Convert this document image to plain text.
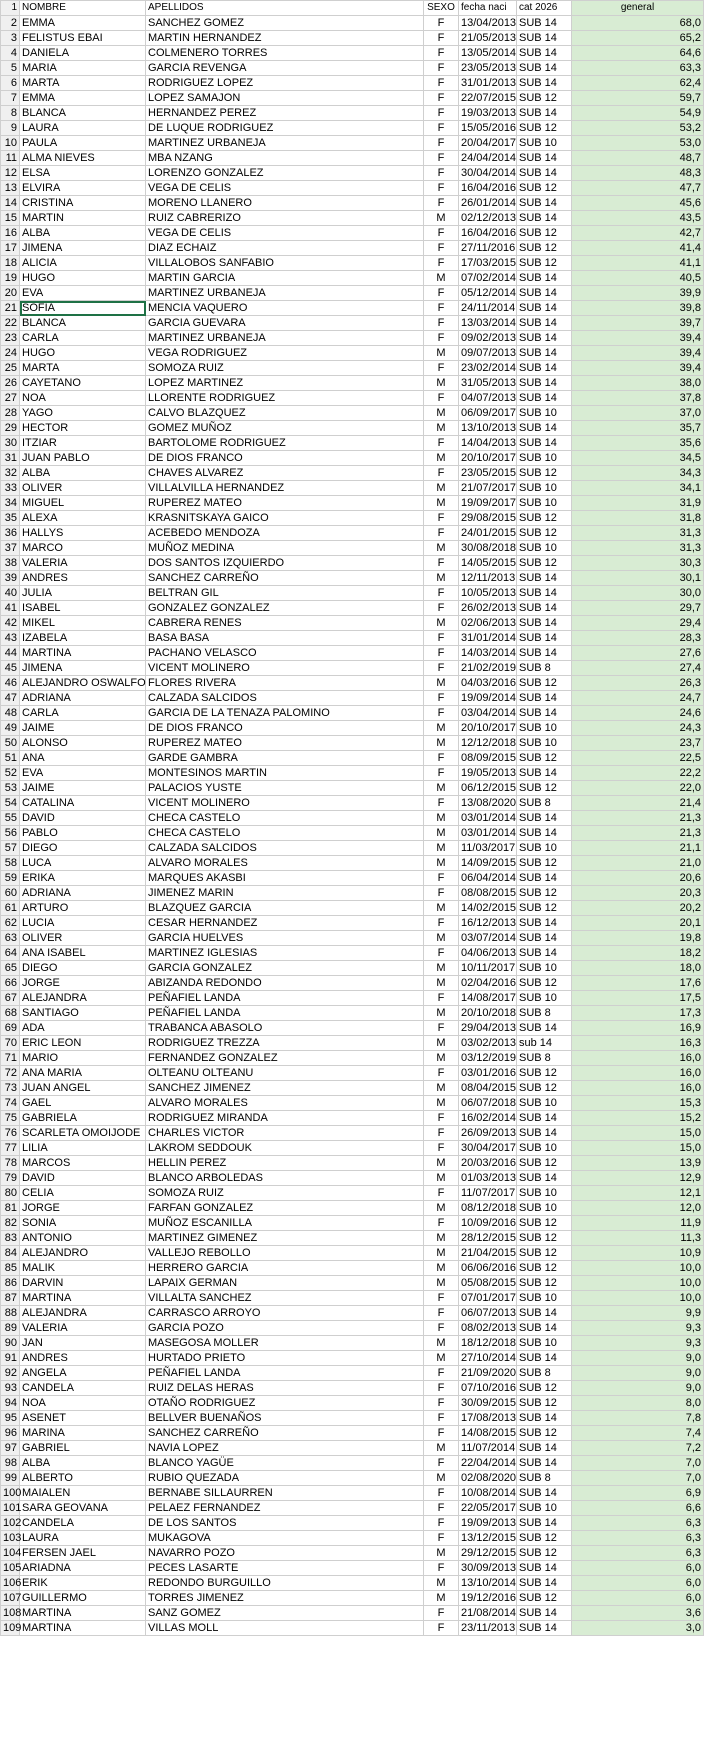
1	NOMBRE	APELLIDOS	SEXO	fecha naci	cat 2026	general
2	EMMA	SANCHEZ GOMEZ	F	13/04/2013	SUB 14	68,0
3	FELISTUS EBAI	MARTIN HERNANDEZ	F	21/05/2013	SUB 14	65,2
4	DANIELA	COLMENERO TORRES	F	13/05/2014	SUB 14	64,6
5	MARIA	GARCIA REVENGA	F	23/05/2013	SUB 14	63,3
6	MARTA	RODRIGUEZ LOPEZ	F	31/01/2013	SUB 14	62,4
7	EMMA	LOPEZ SAMAJON	F	22/07/2015	SUB 12	59,7
8	BLANCA	HERNANDEZ PEREZ	F	19/03/2013	SUB 14	54,9
9	LAURA	DE LUQUE RODRIGUEZ	F	15/05/2016	SUB 12	53,2
10	PAULA	MARTINEZ URBANEJA	F	20/04/2017	SUB 10	53,0
11	ALMA NIEVES	MBA NZANG	F	24/04/2014	SUB 14	48,7
12	ELSA	LORENZO GONZALEZ	F	30/04/2014	SUB 14	48,3
13	ELVIRA	VEGA DE CELIS	F	16/04/2016	SUB 12	47,7
14	CRISTINA	MORENO LLANERO	F	26/01/2014	SUB 14	45,6
15	MARTIN	RUIZ CABRERIZO	M	02/12/2013	SUB 14	43,5
16	ALBA	VEGA DE CELIS	F	16/04/2016	SUB 12	42,7
17	JIMENA	DIAZ ECHAIZ	F	27/11/2016	SUB 12	41,4
18	ALICIA	VILLALOBOS SANFABIO	F	17/03/2015	SUB 12	41,1
19	HUGO	MARTIN GARCIA	M	07/02/2014	SUB 14	40,5
20	EVA	MARTINEZ URBANEJA	F	05/12/2014	SUB 14	39,9
21	SOFIA	MENCIA VAQUERO	F	24/11/2014	SUB 14	39,8
22	BLANCA	GARCIA GUEVARA	F	13/03/2014	SUB 14	39,7
23	CARLA	MARTINEZ URBANEJA	F	09/02/2013	SUB 14	39,4
24	HUGO	VEGA RODRIGUEZ	M	09/07/2013	SUB 14	39,4
25	MARTA	SOMOZA RUIZ	F	23/02/2014	SUB 14	39,4
26	CAYETANO	LOPEZ MARTINEZ	M	31/05/2013	SUB 14	38,0
27	NOA	LLORENTE RODRIGUEZ	F	04/07/2013	SUB 14	37,8
28	YAGO	CALVO BLAZQUEZ	M	06/09/2017	SUB 10	37,0
29	HECTOR	GOMEZ MUÑOZ	M	13/10/2013	SUB 14	35,7
30	ITZIAR	BARTOLOME RODRIGUEZ	F	14/04/2013	SUB 14	35,6
31	JUAN PABLO	DE DIOS FRANCO	M	20/10/2017	SUB 10	34,5
32	ALBA	CHAVES ALVAREZ	F	23/05/2015	SUB 12	34,3
33	OLIVER	VILLALVILLA HERNANDEZ	M	21/07/2017	SUB 10	34,1
34	MIGUEL	RUPEREZ MATEO	M	19/09/2017	SUB 10	31,9
35	ALEXA	KRASNITSKAYA GAICO	F	29/08/2015	SUB 12	31,8
36	HALLYS	ACEBEDO MENDOZA	F	24/01/2015	SUB 12	31,3
37	MARCO	MUÑOZ MEDINA	M	30/08/2018	SUB 10	31,3
38	VALERIA	DOS SANTOS IZQUIERDO	F	14/05/2015	SUB 12	30,3
39	ANDRES	SANCHEZ CARREÑO	M	12/11/2013	SUB 14	30,1
40	JULIA	BELTRAN GIL	F	10/05/2013	SUB 14	30,0
41	ISABEL	GONZALEZ GONZALEZ	F	26/02/2013	SUB 14	29,7
42	MIKEL	CABRERA RENES	M	02/06/2013	SUB 14	29,4
43	IZABELA	BASA BASA	F	31/01/2014	SUB 14	28,3
44	MARTINA	PACHANO VELASCO	F	14/03/2014	SUB 14	27,6
45	JIMENA	VICENT MOLINERO	F	21/02/2019	SUB 8	27,4
46	ALEJANDRO OSWALFO	FLORES RIVERA	M	04/03/2016	SUB 12	26,3
47	ADRIANA	CALZADA SALCIDOS	F	19/09/2014	SUB 14	24,7
48	CARLA	GARCIA DE LA TENAZA PALOMINO	F	03/04/2014	SUB 14	24,6
49	JAIME	DE DIOS FRANCO	M	20/10/2017	SUB 10	24,3
50	ALONSO	RUPEREZ MATEO	M	12/12/2018	SUB 10	23,7
51	ANA	GARDE GAMBRA	F	08/09/2015	SUB 12	22,5
52	EVA	MONTESINOS MARTIN	F	19/05/2013	SUB 14	22,2
53	JAIME	PALACIOS YUSTE	M	06/12/2015	SUB 12	22,0
54	CATALINA	VICENT MOLINERO	F	13/08/2020	SUB 8	21,4
55	DAVID	CHECA CASTELO	M	03/01/2014	SUB 14	21,3
56	PABLO	CHECA CASTELO	M	03/01/2014	SUB 14	21,3
57	DIEGO	CALZADA SALCIDOS	M	11/03/2017	SUB 10	21,1
58	LUCA	ALVARO MORALES	M	14/09/2015	SUB 12	21,0
59	ERIKA	MARQUES AKASBI	F	06/04/2014	SUB 14	20,6
60	ADRIANA	JIMENEZ MARIN	F	08/08/2015	SUB 12	20,3
61	ARTURO	BLAZQUEZ GARCIA	M	14/02/2015	SUB 12	20,2
62	LUCIA	CESAR HERNANDEZ	F	16/12/2013	SUB 14	20,1
63	OLIVER	GARCIA HUELVES	M	03/07/2014	SUB 14	19,8
64	ANA ISABEL	MARTINEZ IGLESIAS	F	04/06/2013	SUB 14	18,2
65	DIEGO	GARCIA GONZALEZ	M	10/11/2017	SUB 10	18,0
66	JORGE	ABIZANDA REDONDO	M	02/04/2016	SUB 12	17,6
67	ALEJANDRA	PEÑAFIEL LANDA	F	14/08/2017	SUB 10	17,5
68	SANTIAGO	PEÑAFIEL LANDA	M	20/10/2018	SUB 8	17,3
69	ADA	TRABANCA ABASOLO	F	29/04/2013	SUB 14	16,9
70	ERIC LEON	RODRIGUEZ TREZZA	M	03/02/2013	sub 14	16,3
71	MARIO	FERNANDEZ GONZALEZ	M	03/12/2019	SUB 8	16,0
72	ANA MARIA	OLTEANU OLTEANU	F	03/01/2016	SUB 12	16,0
73	JUAN ANGEL	SANCHEZ JIMENEZ	M	08/04/2015	SUB 12	16,0
74	GAEL	ALVARO MORALES	M	06/07/2018	SUB 10	15,3
75	GABRIELA	RODRIGUEZ MIRANDA	F	16/02/2014	SUB 14	15,2
76	SCARLETA OMOIJODE	CHARLES VICTOR	F	26/09/2013	SUB 14	15,0
77	LILIA	LAKROM SEDDOUK	F	30/04/2017	SUB 10	15,0
78	MARCOS	HELLIN PEREZ	M	20/03/2016	SUB 12	13,9
79	DAVID	BLANCO ARBOLEDAS	M	01/03/2013	SUB 14	12,9
80	CELIA	SOMOZA RUIZ	F	11/07/2017	SUB 10	12,1
81	JORGE	FARFAN GONZALEZ	M	08/12/2018	SUB 10	12,0
82	SONIA	MUÑOZ ESCANILLA	F	10/09/2016	SUB 12	11,9
83	ANTONIO	MARTINEZ GIMENEZ	M	28/12/2015	SUB 12	11,3
84	ALEJANDRO	VALLEJO REBOLLO	M	21/04/2015	SUB 12	10,9
85	MALIK	HERRERO GARCIA	M	06/06/2016	SUB 12	10,0
86	DARVIN	LAPAIX GERMAN	M	05/08/2015	SUB 12	10,0
87	MARTINA	VILLALTA SANCHEZ	F	07/01/2017	SUB 10	10,0
88	ALEJANDRA	CARRASCO ARROYO	F	06/07/2013	SUB 14	9,9
89	VALERIA	GARCIA POZO	F	08/02/2013	SUB 14	9,3
90	JAN	MASEGOSA MOLLER	M	18/12/2018	SUB 10	9,3
91	ANDRES	HURTADO PRIETO	M	27/10/2014	SUB 14	9,0
92	ANGELA	PEÑAFIEL LANDA	F	21/09/2020	SUB 8	9,0
93	CANDELA	RUIZ DELAS HERAS	F	07/10/2016	SUB 12	9,0
94	NOA	OTAÑO RODRIGUEZ	F	30/09/2015	SUB 12	8,0
95	ASENET	BELLVER BUENAÑOS	F	17/08/2013	SUB 14	7,8
96	MARINA	SANCHEZ CARREÑO	F	14/08/2015	SUB 12	7,4
97	GABRIEL	NAVIA LOPEZ	M	11/07/2014	SUB 14	7,2
98	ALBA	BLANCO YAGÜE	F	22/04/2014	SUB 14	7,0
99	ALBERTO	RUBIO QUEZADA	M	02/08/2020	SUB 8	7,0
100	MAIALEN	BERNABE SILLAURREN	F	10/08/2014	SUB 14	6,9
101	SARA GEOVANA	PELAEZ FERNANDEZ	F	22/05/2017	SUB 10	6,6
102	CANDELA	DE LOS SANTOS	F	19/09/2013	SUB 14	6,3
103	LAURA	MUKAGOVA	F	13/12/2015	SUB 12	6,3
104	FERSEN JAEL	NAVARRO POZO	M	29/12/2015	SUB 12	6,3
105	ARIADNA	PECES LASARTE	F	30/09/2013	SUB 14	6,0
106	ERIK	REDONDO BURGUILLO	M	13/10/2014	SUB 14	6,0
107	GUILLERMO	TORRES JIMENEZ	M	19/12/2016	SUB 12	6,0
108	MARTINA	SANZ GOMEZ	F	21/08/2014	SUB 14	3,6
109	MARTINA	VILLAS MOLL	F	23/11/2013	SUB 14	3,0
